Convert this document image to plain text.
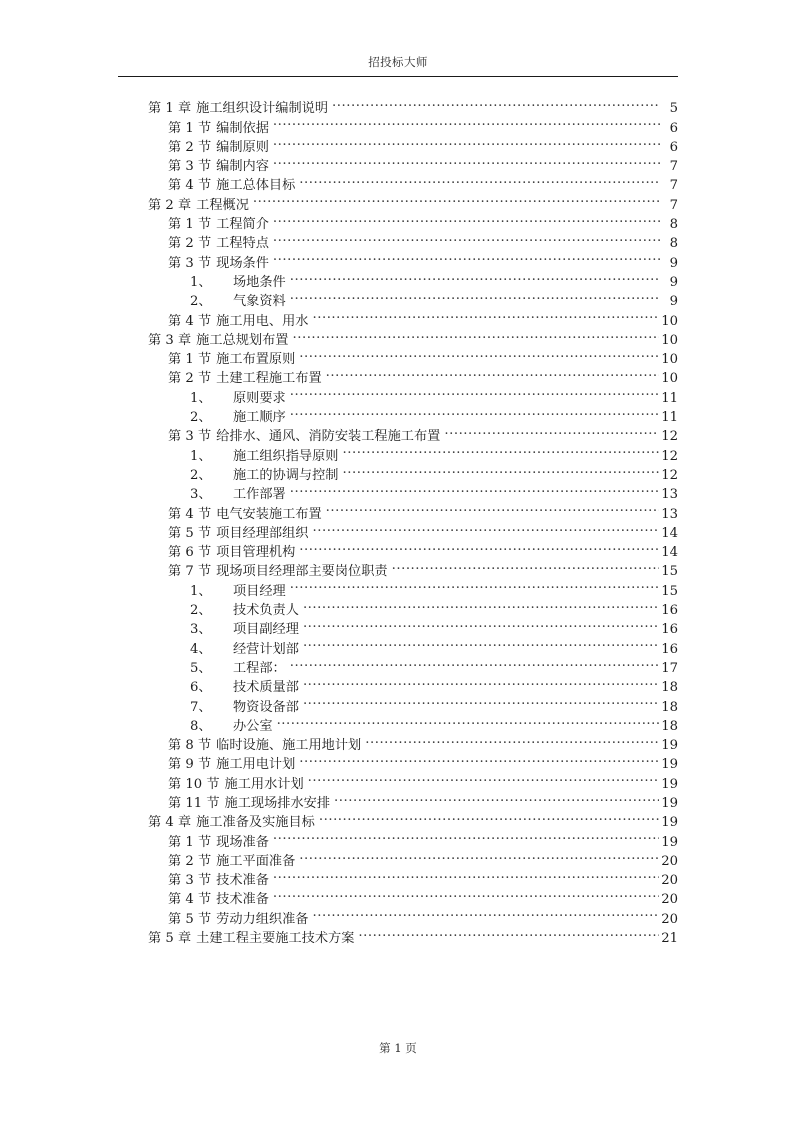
招投标大师
第 1 章 施工组织设计编制说明 .....	5
第 1 节 编制依据 .....	6
第 2 节 编制原则 .....	6
第 3 节 编制内容 .....	7
第 4 节 施工总体目标 .....	7
第 2 章 工程概况 .....	7
第 1 节 工程简介 .....	8
第 2 节 工程特点 .....	8
第 3 节 现场条件 .....	9
1、	场地条件 .....	9
2、	气象资料 .....	9
第 4 节 施工用电、用水 .....	10
第 3 章 施工总规划布置 .....	10
第 1 节 施工布置原则 .....	10
第 2 节 土建工程施工布置 .....	10
1、	原则要求 .....	11
2、	施工顺序 .....	11
第 3 节 给排水、通风、消防安装工程施工布置 .....	12
1、	施工组织指导原则 .....	12
2、	施工的协调与控制 .....	12
3、	工作部署 .....	13
第 4 节 电气安装施工布置 .....	13
第 5 节 项目经理部组织 .....	14
第 6 节 项目管理机构 .....	14
第 7 节 现场项目经理部主要岗位职责 .....	15
1、	项目经理 .....	15
2、	技术负责人 .....	16
3、	项目副经理 .....	16
4、	经营计划部 .....	16
5、	工程部： .....	17
6、	技术质量部 .....	18
7、	物资设备部 .....	18
8、	办公室 .....	18
第 8 节 临时设施、施工用地计划 .....	19
第 9 节 施工用电计划 .....	19
第 10 节 施工用水计划 .....	19
第 11 节 施工现场排水安排 .....	19
第 4 章 施工准备及实施目标 .....	19
第 1 节 现场准备 .....	19
第 2 节 施工平面准备 .....	20
第 3 节 技术准备 .....	20
第 4 节 技术准备 .....	20
第 5 节 劳动力组织准备 .....	20
第 5 章 土建工程主要施工技术方案 .....	21
第 1 页
